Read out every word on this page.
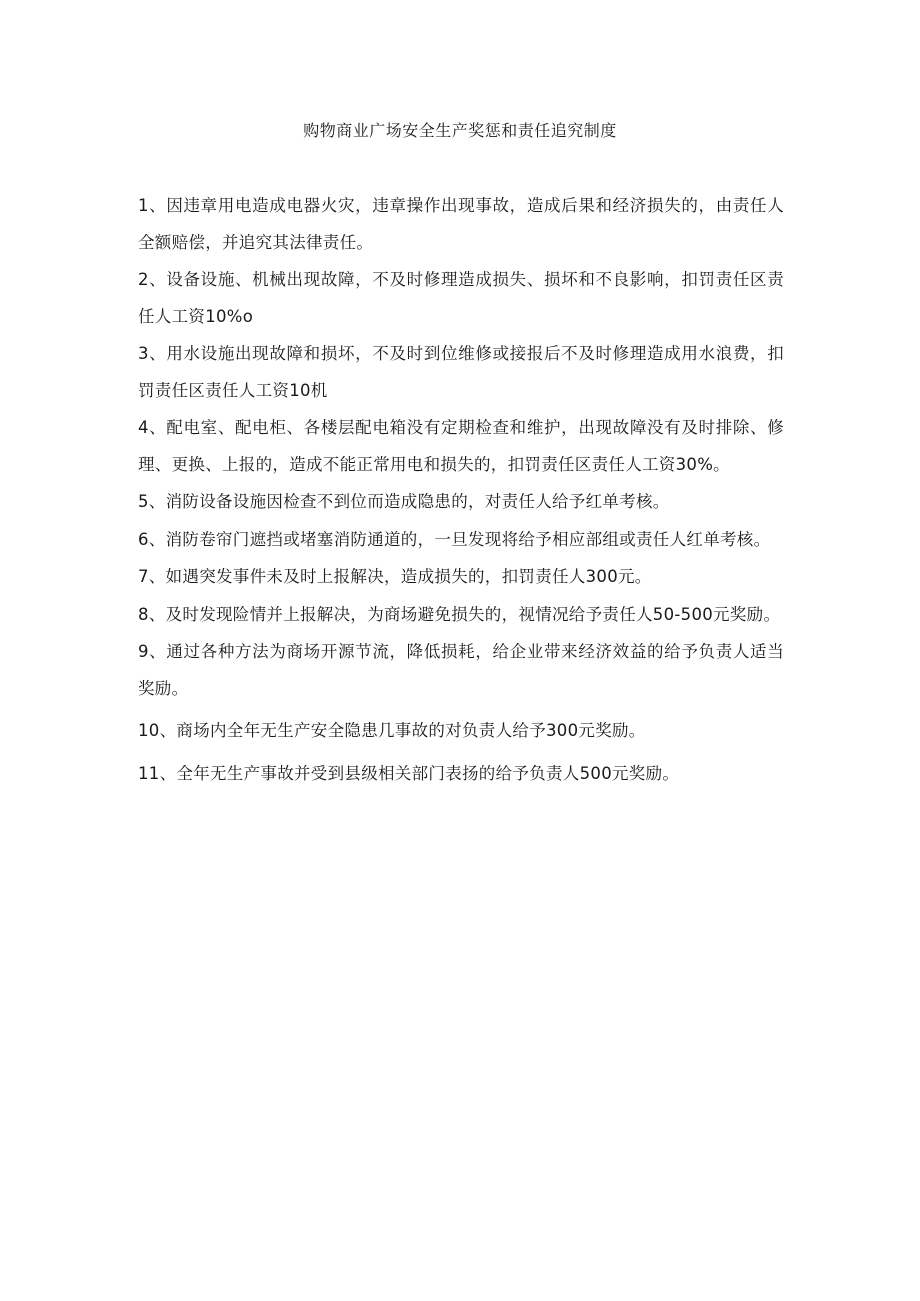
购物商业广场安全生产奖惩和责任追究制度

1、因违章用电造成电器火灾，违章操作出现事故，造成后果和经济损失的，由责任人全额赔偿，并追究其法律责任。

2、设备设施、机械出现故障，不及时修理造成损失、损坏和不良影响，扣罚责任区责任人工资10%o

3、用水设施出现故障和损坏，不及时到位维修或接报后不及时修理造成用水浪费，扣罚责任区责任人工资10机

4、配电室、配电柜、各楼层配电箱没有定期检查和维护，出现故障没有及时排除、修理、更换、上报的，造成不能正常用电和损失的，扣罚责任区责任人工资30%。

5、消防设备设施因检查不到位而造成隐患的，对责任人给予红单考核。

6、消防卷帘门遮挡或堵塞消防通道的，一旦发现将给予相应部组或责任人红单考核。

7、如遇突发事件未及时上报解决，造成损失的，扣罚责任人300元。

8、及时发现险情并上报解决，为商场避免损失的，视情况给予责任人50-500元奖励。

9、通过各种方法为商场开源节流，降低损耗，给企业带来经济效益的给予负责人适当奖励。

10、商场内全年无生产安全隐患几事故的对负责人给予300元奖励。

11、全年无生产事故并受到县级相关部门表扬的给予负责人500元奖励。
